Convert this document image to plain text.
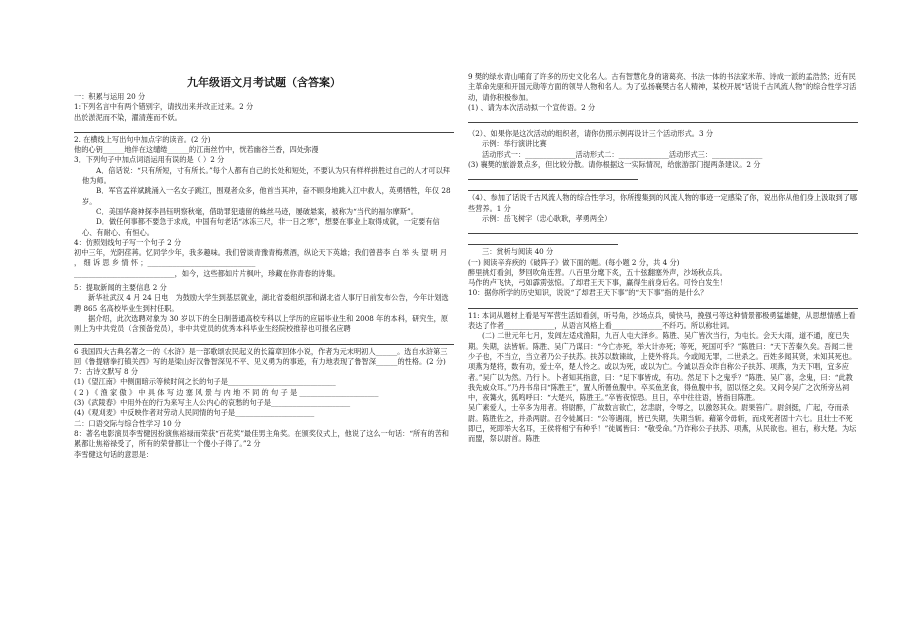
九年级语文月考试题（含答案）

一：积累与运用 20 分

1:下列名言中有两个错别字，请找出来并改正过来。2 分

出於淤泥而不染，濯清莲而不妖。

2. 在横线上写出句中加点字的读音。(2 分)

他的心钥______地伴在这缱绻______的江南丝竹中，恍若幽谷兰香，四处弥漫

3．下列句子中加点词语运用有误的是（ ）2 分

A．倍话说：“只有所短，寸有所长。”每个人都有自己的长处和短处，不要认为只有样样拼胜过自己的人才可以拜他为师。

B．军官孟祥斌跳涌入一名女子跳江，围观者众多，他首当其冲，奋不顾身地跳入江中救人，英勇牺牲，年仅 28 岁。

C．美国华裔神探李昌钰明察秋毫，借助罪犯遗留的蛛丝马迹，屡破悬案，被称为“当代的福尔摩斯”。

D．做任何事都不要急于求成，中国有句老话“冰冻三尺，非一日之寒”，想要在事业上取得成就，一定要有信心、有耐心、有恒心。

4：仿照划线句子写一个句子 2 分

初中三年，光阴荏苒。忆同学少年，我多趣味。我们曾谈青豫青梅煮酒，纵论天下英雄；我们曾普李 白 举 头 望 明 月 ， 细 诉 思 乡 情 怀 ；______________________________

____________________________，如今，这些都如片片枫叶，珍藏在你青春的诗集。

5：提取新闻的主要信息 2 分

新华社武汉 4 月 24 日电　为鼓励大学生到基层就业，湖北省委组织部和湖北省人事厅日前发布公告，今年计划选聘 865 名高校毕业生到村任职。

据介绍，此次选聘对象为 30 岁以下的全日制普通高校专科以上学历的应届毕业生和 2008 年的本科，研究生，原则上为中共党员（含预备党员），非中共党员的优秀本科毕业生经院校推荐也可报名应聘

6 我国四大古典名著之一的《水浒》是一部歌颂农民起义的长篇章回体小说，作者为元末明初人______。选自水浒第三回《鲁提辖拳打镇关西》写的是梁山好汉鲁智深见不平、见义勇为的事迹，有力地表现了鲁智深______的性格。(2 分)

7：古诗文默写 8 分

(1)《望江南》中侧面暗示等候时间之长的句子是______________________________

( 2 ) 《 渔 家 傲 》 中 具 体 写 边 塞 风 景 与 内 地 不 同 的 句 子 是 ______________________

(3)《武陵春》中用外在的行为来写主人公内心的哀愁的句子是______________________

(4)《观刈麦》中反映作者对劳动人民同情的句子是______________________

二：口语交际与综合性学习 10 分

8：著名电影演员李雪健因扮演焦裕禄而荣获“百花奖”最佳男主角奖。在颁奖仪式上，他说了这么一句话：“所有的苦和累都让焦裕禄受了，所有的荣誉都让一个傻小子得了。”2 分

李雪健这句话的意思是：

9 樊的绿水青山哺育了许多的历史文化名人。古有智慧化身的诸葛亮、书法一体的书法家米芾、诗成一派的孟浩然；近有民主革命先驱和开国元勋等方面的领导人物和名人。为了弘扬襄樊古名人精神，某校开展“话说千古风流人物”的综合性学习活动，请你积极参加。

(1) 、请为本次活动拟一个宣传语。2 分

（2）、如果你是这次活动的组织者，请你仿照示例再设计三个活动形式。3 分

示例：举行演讲比赛

活动形式一：______________活动形式二：______________活动形式三：______________

(3) 襄樊的旅游景点多，但比较分散。请你根据这一实际情况，给旅游部门提两条建议。2 分

（4）、参加了话说千古风流人物的综合性学习，你所搜集到的风流人物的事迹一定感染了你，说出你从他们身上汲取到了哪些营养。1 分

示例：岳飞树字（忠心耿耿，孝勇两全）

三：赏析与阅读 40 分

(一) 阅读辛弃疾的《破阵子》做下面的题。(每小题 2 分，共 4 分)

醉里挑灯看剑，梦回吹角连营。八百里分麾下炙，五十弦翻塞外声，沙场秋点兵。

马作的卢飞快，弓如霹雳弦惊。了却君王天下事，赢得生前身后名。可怜白发生！

10：据你所学的历史知识，说说“了却君王天下事”的“天下事”指的是什么？

11: 本词从题材上看是写军营生活如看剑，听号角，沙场点兵，骑快马，挽强弓等这种情景都极勇猛雄健，从思想情感上看表达了作者______________，从语言风格上看______________不纤巧。所以称壮词。

(二) 二世元年七月，发闾左适戍渔阳，九百人屯大泽乡。陈胜、吴广皆次当行，为屯长。会天大雨，道不通，度已失期。失期，法皆斩。陈胜、吴广乃谋曰：“今亡亦死，举大计亦死；等死，死国可乎？”陈胜曰：“天下苦秦久矣。吾闻二世少子也，不当立，当立者乃公子扶苏。扶苏以数谏故，上使外将兵。今或闻无罪，二世杀之。百姓多闻其贤，未知其死也。项燕为楚将，数有功，爱士卒，楚人怜之。或以为死，或以为亡。今诚以吾众诈自称公子扶苏、项燕，为天下唱，宜多应者。”吴广以为然。乃行卜。卜者知其指意，曰：“足下事皆成，有功。然足下卜之鬼乎？”陈胜、吴广喜，念鬼，曰：“此教我先威众耳。”乃丹书帛曰“陈胜王”，置人所罾鱼腹中。卒买鱼烹食，得鱼腹中书，固以怪之矣。又间令吴广之次所旁丛祠中，夜篝火，狐鸣呼曰：“大楚兴，陈胜王。”卒皆夜惊恐。旦日，卒中往往语，皆指目陈胜。

吴广素爱人，士卒多为用者。将尉醉，广故数言欲亡，忿恚尉，令辱之，以激怒其众。尉果笞广。尉剑挺，广起，夺而杀尉。陈胜佐之，并杀两尉。召令徒属曰：“公等遇雨，皆已失期，失期当斩。藉第令毋斩，而戍死者固十六七。且壮士不死即已，死即举大名耳，王侯将相宁有种乎！”徒属皆曰：“敬受命。”乃诈称公子扶苏、项燕，从民欲也。袒右，称大楚。为坛而盟，祭以尉首。陈胜
